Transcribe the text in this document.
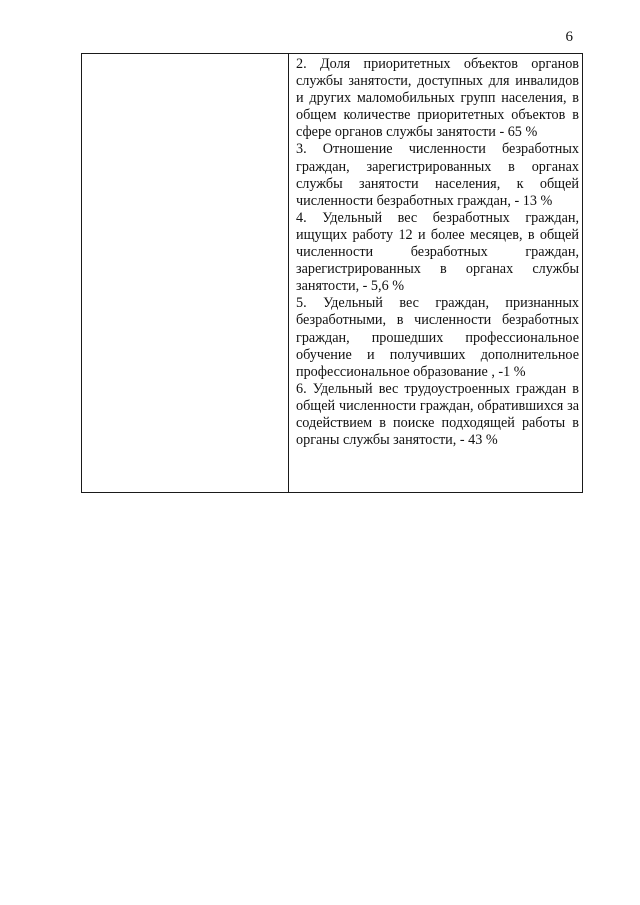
6

2. Доля приоритетных объектов органов службы занятости, доступных для инвалидов и других маломобильных групп населения, в общем количестве приоритетных объектов в сфере органов службы занятости - 65 %

3. Отношение численности безработных граждан, зарегистрированных в органах службы занятости населения, к общей численности безработных граждан, - 13 %

4. Удельный вес безработных граждан, ищущих работу 12 и более месяцев, в общей численности безработных граждан, зарегистрированных в органах службы занятости, - 5,6 %

5. Удельный вес граждан, признанных безработными, в численности безработных граждан, прошедших профессиональное обучение и получивших дополнительное профессиональное образование , -1 %

6. Удельный вес трудоустроенных граждан в общей численности граждан, обратившихся за содействием в поиске подходящей работы в органы службы занятости, - 43 %
